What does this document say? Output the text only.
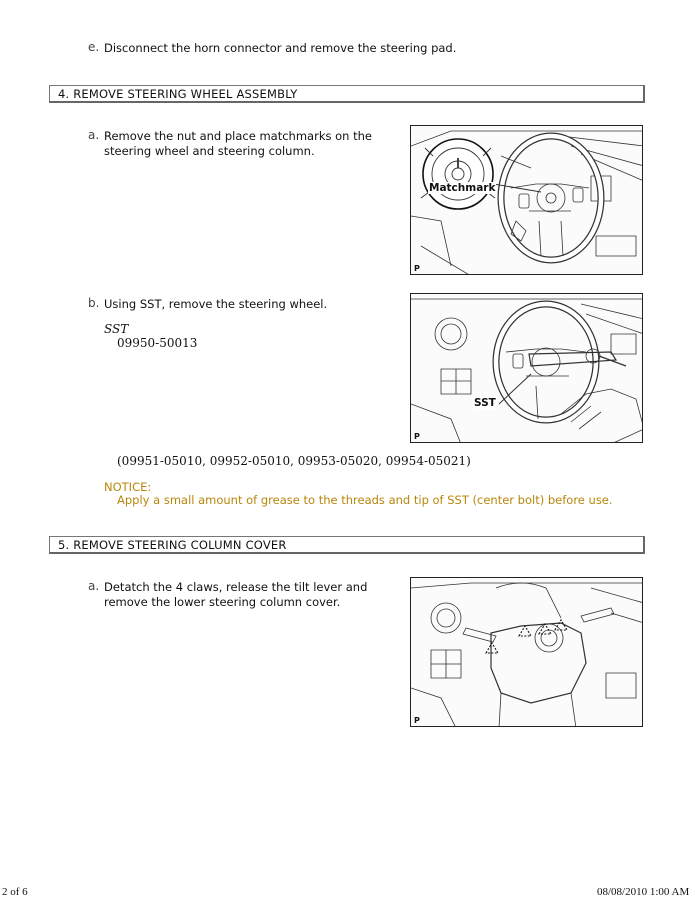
e. Disconnect the horn connector and remove the steering pad.
4. REMOVE STEERING WHEEL ASSEMBLY
a. Remove the nut and place matchmarks on the
steering wheel and steering column.
Matchmark
P
b. Using SST, remove the steering wheel.
SST
09950-50013
SST
P
(09951-05010, 09952-05010, 09953-05020, 09954-05021)
NOTICE:
Apply a small amount of grease to the threads and tip of SST (center bolt) before use.
5. REMOVE STEERING COLUMN COVER
a. Detatch the 4 claws, release the tilt lever and
remove the lower steering column cover.
P
2 of 6	08/08/2010 1:00 AM
